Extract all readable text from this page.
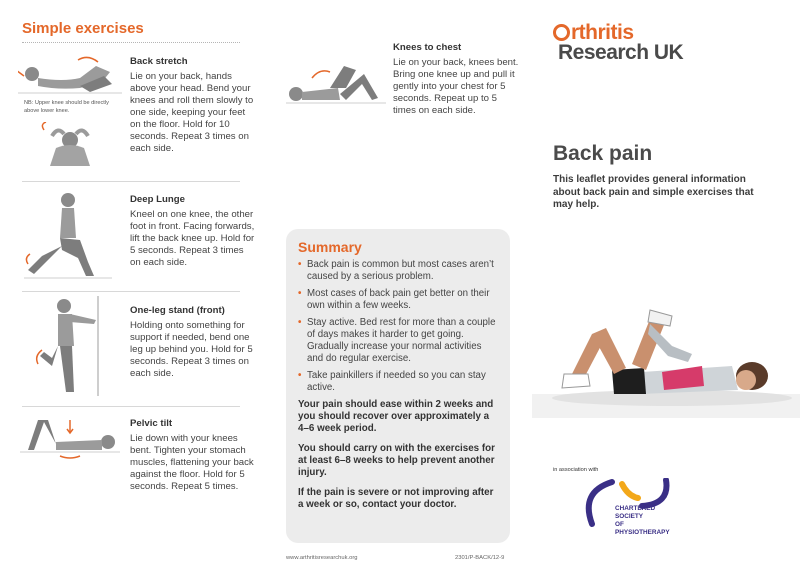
Simple exercises
NB: Upper knee should be directly above lower knee.
Back stretch

Lie on your back, hands above your head. Bend your knees and roll them slowly to one side, keeping your feet on the floor. Hold for 10 seconds. Repeat 3 times on each side.

Deep Lunge

Kneel on one knee, the other foot in front. Facing forwards, lift the back knee up. Hold for 5 seconds. Repeat 3 times on each side.

One-leg stand (front)

Holding onto something for support if needed, bend one leg up behind you. Hold for 5 seconds. Repeat 3 times on each side.

Pelvic tilt

Lie down with your knees bent. Tighten your stomach muscles, flattening your back against the floor. Hold for 5 seconds. Repeat 5 times.

Knees to chest

Lie on your back, knees bent. Bring one knee up and pull it gently into your chest for 5 seconds. Repeat up to 5 times on each side.

Summary
• Back pain is common but most cases aren’t caused by a serious problem.
• Most cases of back pain get better on their own within a few weeks.
• Stay active. Bed rest for more than a couple of days makes it harder to get going. Gradually increase your normal activities and do regular exercise.
• Take painkillers if needed so you can stay active.

Your pain should ease within 2 weeks and you should recover over approximately a 4–6 week period.

You should carry on with the exercises for at least 6–8 weeks to help prevent another injury.

If the pain is severe or not improving after a week or so, contact your doctor.

www.arthritisresearchuk.org	2301/P-BACK/12-9
rthritis
Research UK
Back pain
This leaflet provides general information about back pain and simple exercises that may help.
in association with
CHARTERED
SOCIETY
OF
PHYSIOTHERAPY
